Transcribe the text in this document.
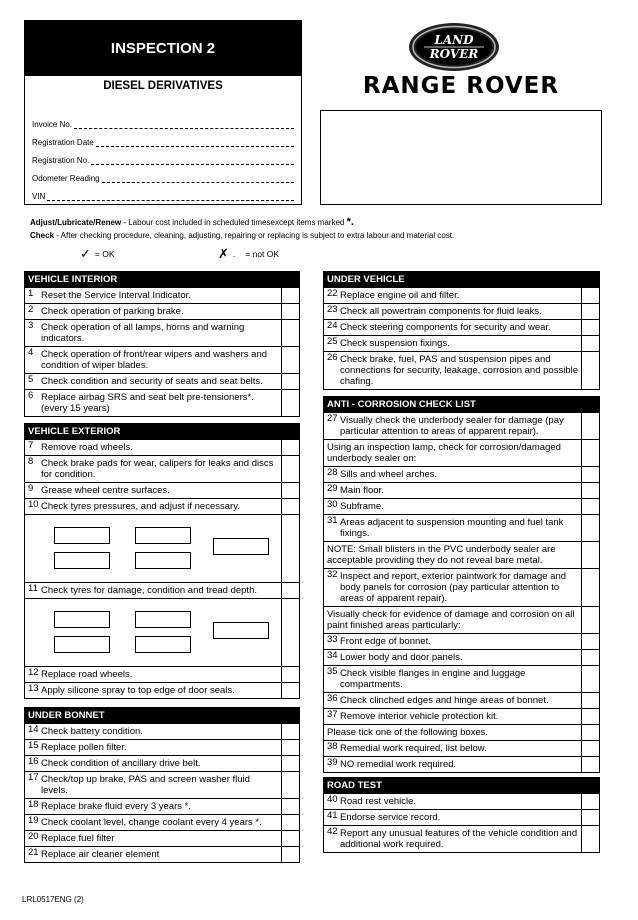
INSPECTION 2
DIESEL DERIVATIVES
Invoice No.
Registration Date
Registration No.
Odometer Reading
VIN
LAND
ROVER
RANGE ROVER
Adjust/Lubricate/Renew - Labour cost included in scheduled timesexcept items marked *.
Check - After checking procedure, cleaning, adjusting, repairing or replacing is subject to extra labour and material cost.
✓ = OK	✗ . = not OK
VEHICLE INTERIOR
1 Reset the Service Interval Indicator.
2 Check operation of parking brake.
3 Check operation of all lamps, horns and warning indicators.
4 Check operation of front/rear wipers and washers and condition of wiper blades.
5 Check condition and security of seats and seat belts.
6 Replace airbag SRS and seat belt pre-tensioners*. (every 15 years)
VEHICLE EXTERIOR
7 Remove road wheels.
8 Check brake pads for wear, calipers for leaks and discs for condition.
9 Grease wheel centre surfaces.
10 Check tyres pressures, and adjust if necessary.
11 Check tyres for damage, condition and tread depth.
12 Replace road wheels.
13 Apply silicone spray to top edge of door seals.
UNDER BONNET
14 Check battery condition.
15 Replace pollen filter.
16 Check condition of ancillary drive belt.
17 Check/top up brake, PAS and screen washer fluid levels.
18 Replace brake fluid every 3 years *.
19 Check coolant level, change coolant every 4 years *.
20 Replace fuel filter
21 Replace air cleaner element
UNDER VEHICLE
22 Replace engine oil and filter.
23 Check all powertrain components for fluid leaks.
24 Check steering components for security and wear.
25 Check suspension fixings.
26 Check brake, fuel, PAS and suspension pipes and connections for security, leakage, corrosion and possible chafing.
ANTI - CORROSION CHECK LIST
27 Visually check the underbody sealer for damage (pay particular attention to areas of apparent repair).
Using an inspection lamp, check for corrosion/damaged underbody sealer on:
28 Sills and wheel arches.
29 Main floor.
30 Subframe.
31 Areas adjacent to suspension mounting and fuel tank fixings.
NOTE: Small blisters in the PVC underbody sealer are acceptable providing they do not reveal bare metal.
32 Inspect and report, exterior paintwork for damage and body panels for corrosion (pay particular attention to areas of apparent repair).
Visually check for evidence of damage and corrosion on all paint finished areas particularly:
33 Front edge of bonnet.
34 Lower body and door panels.
35 Check visible flanges in engine and luggage compartments.
36 Check clinched edges and hinge areas of bonnet.
37 Remove interior vehicle protection kit.
Please tick one of the following boxes.
38 Remedial work required, list below.
39 NO remedial work required.
ROAD TEST
40 Road rest vehicle.
41 Endorse service record.
42 Report any unusual features of the vehicle condition and additional work required.
LRL0517ENG (2)
